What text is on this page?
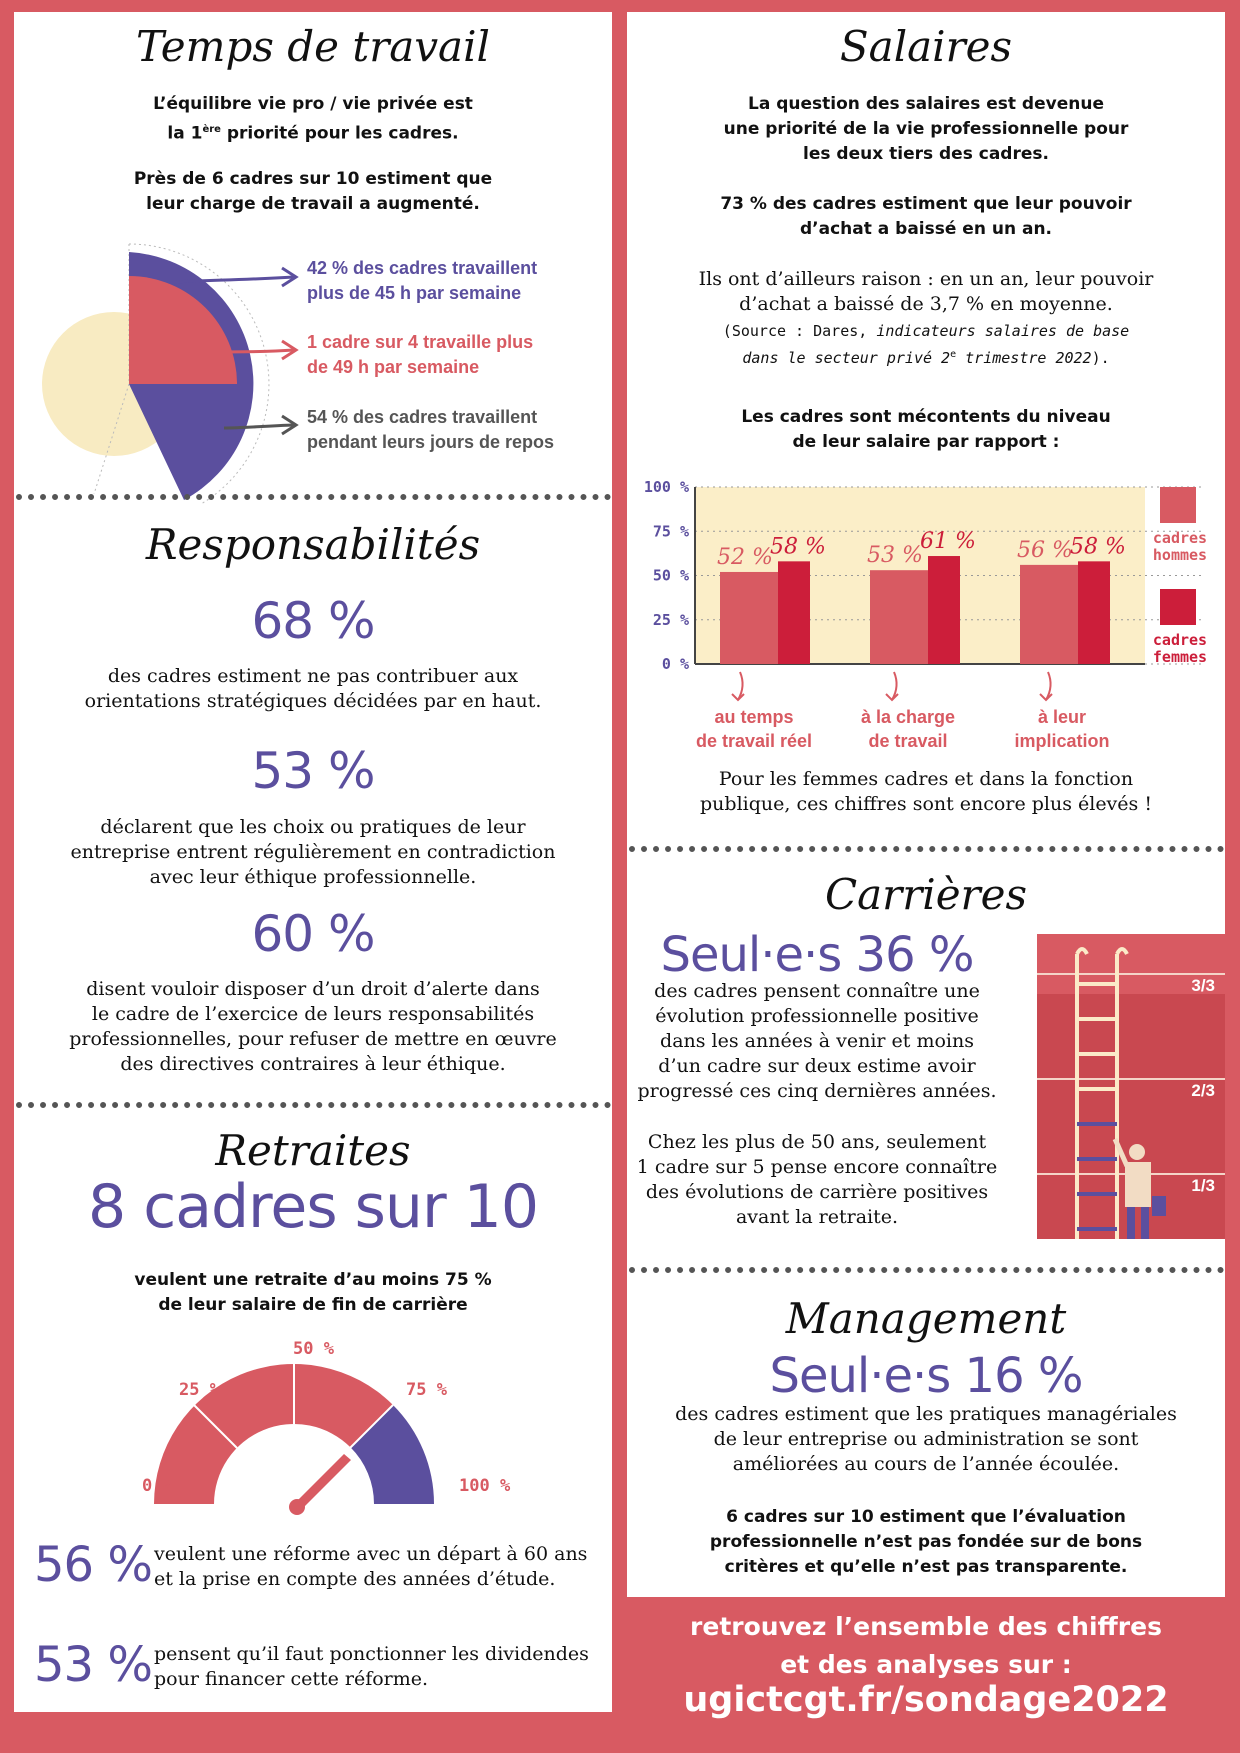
Temps de travail
L’équilibre vie pro / vie privée est
la 1ère priorité pour les cadres.
Près de 6 cadres sur 10 estiment que
leur charge de travail a augmenté.
42 % des cadres travaillent
plus de 45 h par semaine
1 cadre sur 4 travaille plus
de 49 h par semaine
54 % des cadres travaillent
pendant leurs jours de repos
Responsabilités
68 %
des cadres estiment ne pas contribuer aux
orientations stratégiques décidées par en haut.
53 %
déclarent que les choix ou pratiques de leur
entreprise entrent régulièrement en contradiction
avec leur éthique professionnelle.
60 %
disent vouloir disposer d’un droit d’alerte dans
le cadre de l’exercice de leurs responsabilités
professionnelles, pour refuser de mettre en œuvre
des directives contraires à leur éthique.
Retraites
8 cadres sur 10
veulent une retraite d’au moins 75 %
de leur salaire de fin de carrière
0 %
25 %
50 %
75 %
100 %
56 % veulent une réforme avec un départ à 60 ans
et la prise en compte des années d’étude.
53 % pensent qu’il faut ponctionner les dividendes
pour financer cette réforme.
Salaires
La question des salaires est devenue
une priorité de la vie professionnelle pour
les deux tiers des cadres.
73 % des cadres estiment que leur pouvoir
d’achat a baissé en un an.
Ils ont d’ailleurs raison : en un an, leur pouvoir
d’achat a baissé de 3,7 % en moyenne.
(Source : Dares, indicateurs salaires de base
dans le secteur privé 2e trimestre 2022).
Les cadres sont mécontents du niveau
de leur salaire par rapport :
0 %
25 %
50 %
75 %
100 %
52 %
58 %
au temps
de travail réel
53 %
61 %
à la charge
de travail
56 %
58 %
à leur
implication
cadres
hommes
cadres
femmes
Pour les femmes cadres et dans la fonction
publique, ces chiffres sont encore plus élevés !
Carrières
Seul·e·s 36 %
des cadres pensent connaître une
évolution professionnelle positive
dans les années à venir et moins
d’un cadre sur deux estime avoir
progressé ces cinq dernières années.
Chez les plus de 50 ans, seulement
1 cadre sur 5 pense encore connaître
des évolutions de carrière positives
avant la retraite.
3/3
2/3
1/3
Management
Seul·e·s 16 %
des cadres estiment que les pratiques managériales
de leur entreprise ou administration se sont
améliorées au cours de l’année écoulée.
6 cadres sur 10 estiment que l’évaluation
professionnelle n’est pas fondée sur de bons
critères et qu’elle n’est pas transparente.
retrouvez l’ensemble des chiffres
et des analyses sur :
ugictcgt.fr/sondage2022
